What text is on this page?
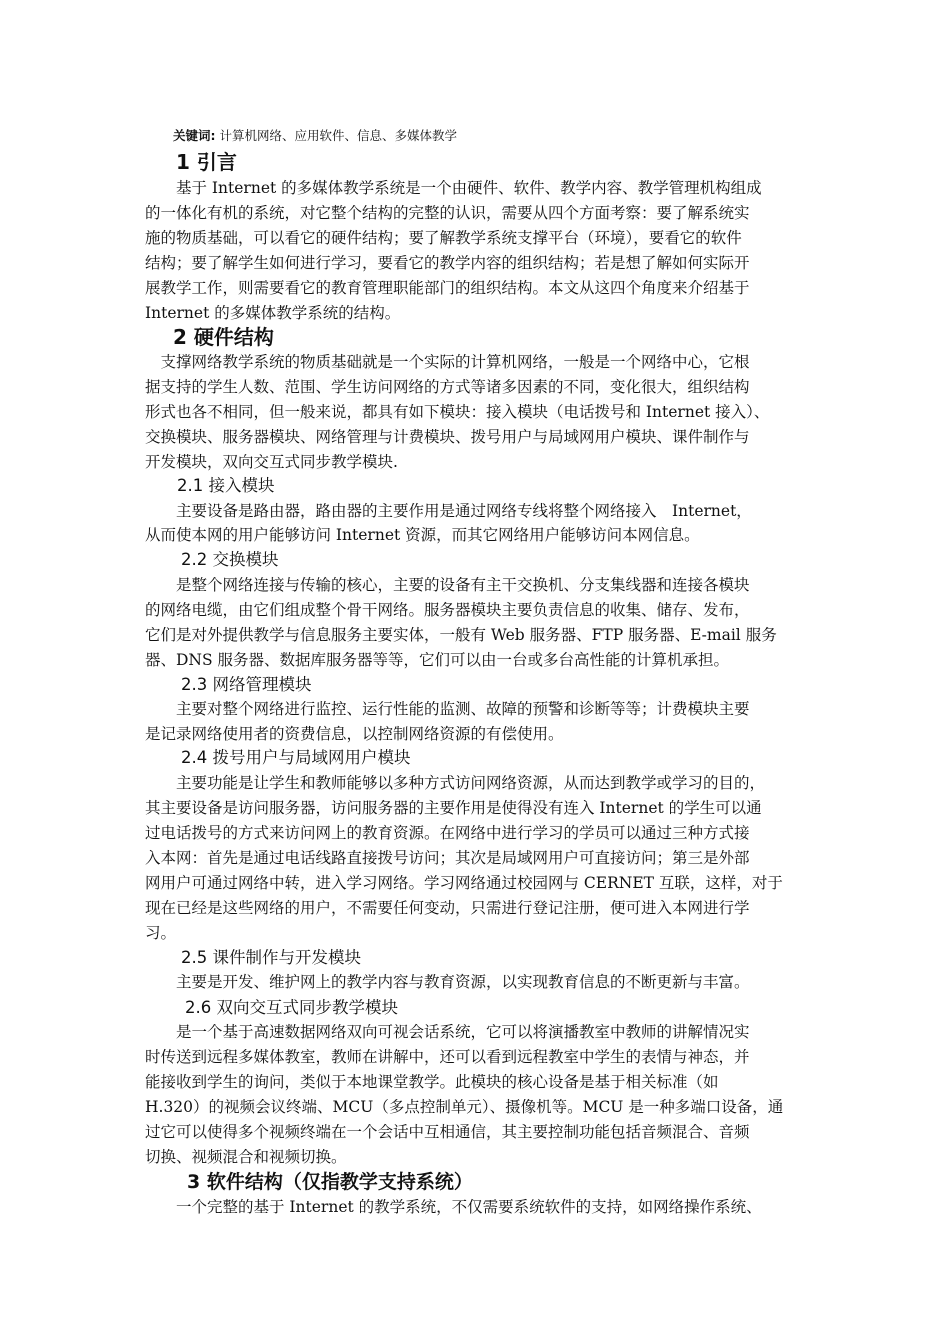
关键词: 计算机网络、应用软件、信息、多媒体教学
1 引言
　　基于 Internet 的多媒体教学系统是一个由硬件、软件、教学内容、教学管理机构组成
的一体化有机的系统，对它整个结构的完整的认识，需要从四个方面考察：要了解系统实
施的物质基础，可以看它的硬件结构；要了解教学系统支撑平台（环境），要看它的软件
结构；要了解学生如何进行学习，要看它的教学内容的组织结构；若是想了解如何实际开
展教学工作，则需要看它的教育管理职能部门的组织结构。本文从这四个角度来介绍基于
Internet 的多媒体教学系统的结构。
2 硬件结构
　支撑网络教学系统的物质基础就是一个实际的计算机网络，一般是一个网络中心，它根
据支持的学生人数、范围、学生访问网络的方式等诸多因素的不同，变化很大，组织结构
形式也各不相同，但一般来说，都具有如下模块：接入模块（电话拨号和 Internet 接入）、
交换模块、服务器模块、网络管理与计费模块、拨号用户与局域网用户模块、课件制作与
开发模块，双向交互式同步教学模块.
2.1 接入模块
　　主要设备是路由器，路由器的主要作用是通过网络专线将整个网络接入　Internet，
从而使本网的用户能够访问 Internet 资源，而其它网络用户能够访问本网信息。
2.2 交换模块
　　是整个网络连接与传输的核心，主要的设备有主干交换机、分支集线器和连接各模块
的网络电缆，由它们组成整个骨干网络。服务器模块主要负责信息的收集、储存、发布，
它们是对外提供教学与信息服务主要实体，一般有 Web 服务器、FTP 服务器、E-mail 服务
器、DNS 服务器、数据库服务器等等，它们可以由一台或多台高性能的计算机承担。
2.3 网络管理模块
　　主要对整个网络进行监控、运行性能的监测、故障的预警和诊断等等；计费模块主要
是记录网络使用者的资费信息，以控制网络资源的有偿使用。
2.4 拨号用户与局域网用户模块
　　主要功能是让学生和教师能够以多种方式访问网络资源，从而达到教学或学习的目的，
其主要设备是访问服务器，访问服务器的主要作用是使得没有连入 Internet 的学生可以通
过电话拨号的方式来访问网上的教育资源。在网络中进行学习的学员可以通过三种方式接
入本网：首先是通过电话线路直接拨号访问；其次是局域网用户可直接访问；第三是外部
网用户可通过网络中转，进入学习网络。学习网络通过校园网与 CERNET 互联，这样，对于
现在已经是这些网络的用户，不需要任何变动，只需进行登记注册，便可进入本网进行学
习。
2.5 课件制作与开发模块
　　主要是开发、维护网上的教学内容与教育资源，以实现教育信息的不断更新与丰富。
2.6 双向交互式同步教学模块
　　是一个基于高速数据网络双向可视会话系统，它可以将演播教室中教师的讲解情况实
时传送到远程多媒体教室，教师在讲解中，还可以看到远程教室中学生的表情与神态，并
能接收到学生的询问，类似于本地课堂教学。此模块的核心设备是基于相关标准（如
H.320）的视频会议终端、MCU（多点控制单元）、摄像机等。MCU 是一种多端口设备，通
过它可以使得多个视频终端在一个会话中互相通信，其主要控制功能包括音频混合、音频
切换、视频混合和视频切换。
3 软件结构（仅指教学支持系统）
　　一个完整的基于 Internet 的教学系统，不仅需要系统软件的支持，如网络操作系统、
